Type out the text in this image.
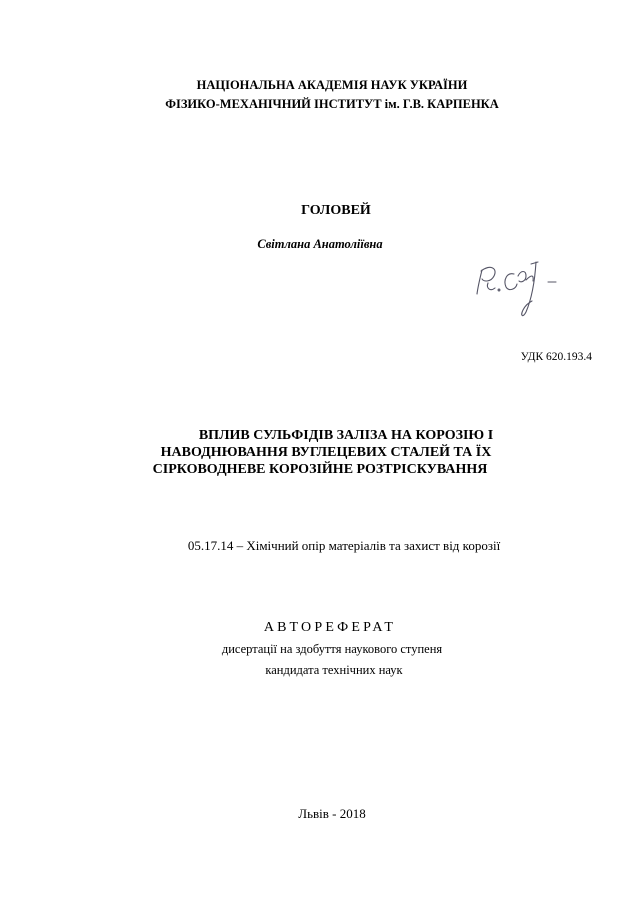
НАЦІОНАЛЬНА АКАДЕМІЯ НАУК УКРАЇНИ
ФІЗИКО-МЕХАНІЧНИЙ ІНСТИТУТ ім. Г.В. КАРПЕНКА
ГОЛОВЕЙ
Світлана Анатоліївна
УДК 620.193.4
ВПЛИВ СУЛЬФІДІВ ЗАЛІЗА НА КОРОЗІЮ І
НАВОДНЮВАННЯ ВУГЛЕЦЕВИХ СТАЛЕЙ ТА ЇХ
СІРКОВОДНЕВЕ КОРОЗІЙНЕ РОЗТРІСКУВАННЯ
05.17.14 – Хімічний опір матеріалів та захист від корозії
АВТОРЕФЕРАТ
дисертації на здобуття наукового ступеня
кандидата технічних наук
Львів - 2018
